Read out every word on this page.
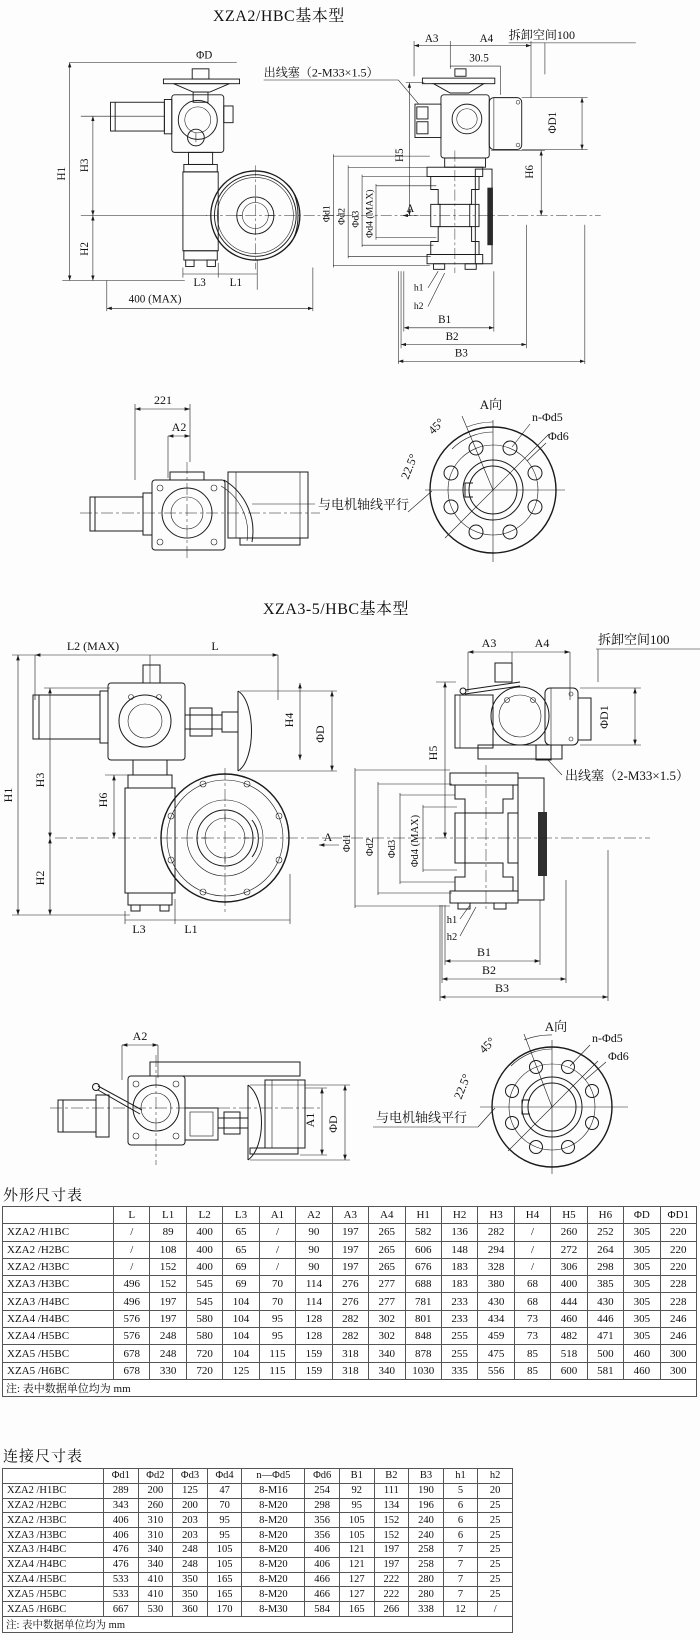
XZA2/HBC基本型
ΦD
H1
H3
H2
L3 L1
400 (MAX)
出线塞（2-M33×1.5）
A3	A4
30.5
拆卸空间100
ΦD1
H6
H5
Φd1 Φd2 Φd3 Φd4 (MAX)	A
h1
h2
B1
B2
B3
221
A2
与电机轴线平行
A向
n-Φd5
Φd6
45°
22.5°
XZA3-5/HBC基本型
L2 (MAX)	L
H4
ΦD
H1
H3
H6
H2
L3	L1
A
A3	A4	拆卸空间100
ΦD1
出线塞（2-M33×1.5）
H5
Φd1 Φd2 Φd3 Φd4 (MAX)
h1
h2
B1
B2
B3
A2
A1 ΦD	与电机轴线平行
A向
n-Φd5
Φd6
45°
22.5°
外形尺寸表
	L	L1	L2	L3	A1	A2	A3	A4	H1	H2	H3	H4	H5	H6	ΦD	ΦD1
XZA2 /H1BC	/	89	400	65	/	90	197	265	582	136	282	/	260	252	305	220
XZA2 /H2BC	/	108	400	65	/	90	197	265	606	148	294	/	272	264	305	220
XZA2 /H3BC	/	152	400	69	/	90	197	265	676	183	328	/	306	298	305	220
XZA3 /H3BC	496	152	545	69	70	114	276	277	688	183	380	68	400	385	305	228
XZA3 /H4BC	496	197	545	104	70	114	276	277	781	233	430	68	444	430	305	228
XZA4 /H4BC	576	197	580	104	95	128	282	302	801	233	434	73	460	446	305	246
XZA4 /H5BC	576	248	580	104	95	128	282	302	848	255	459	73	482	471	305	246
XZA5 /H5BC	678	248	720	104	115	159	318	340	878	255	475	85	518	500	460	300
XZA5 /H6BC	678	330	720	125	115	159	318	340	1030	335	556	85	600	581	460	300
注: 表中数据单位均为 mm																
连接尺寸表
	Φd1	Φd2	Φd3	Φd4	n—Φd5	Φd6	B1	B2	B3	h1	h2
XZA2 /H1BC	289	200	125	47	8-M16	254	92	111	190	5	20
XZA2 /H2BC	343	260	200	70	8-M20	298	95	134	196	6	25
XZA2 /H3BC	406	310	203	95	8-M20	356	105	152	240	6	25
XZA3 /H3BC	406	310	203	95	8-M20	356	105	152	240	6	25
XZA3 /H4BC	476	340	248	105	8-M20	406	121	197	258	7	25
XZA4 /H4BC	476	340	248	105	8-M20	406	121	197	258	7	25
XZA4 /H5BC	533	410	350	165	8-M20	466	127	222	280	7	25
XZA5 /H5BC	533	410	350	165	8-M20	466	127	222	280	7	25
XZA5 /H6BC	667	530	360	170	8-M30	584	165	266	338	12	/
注: 表中数据单位均为 mm											
